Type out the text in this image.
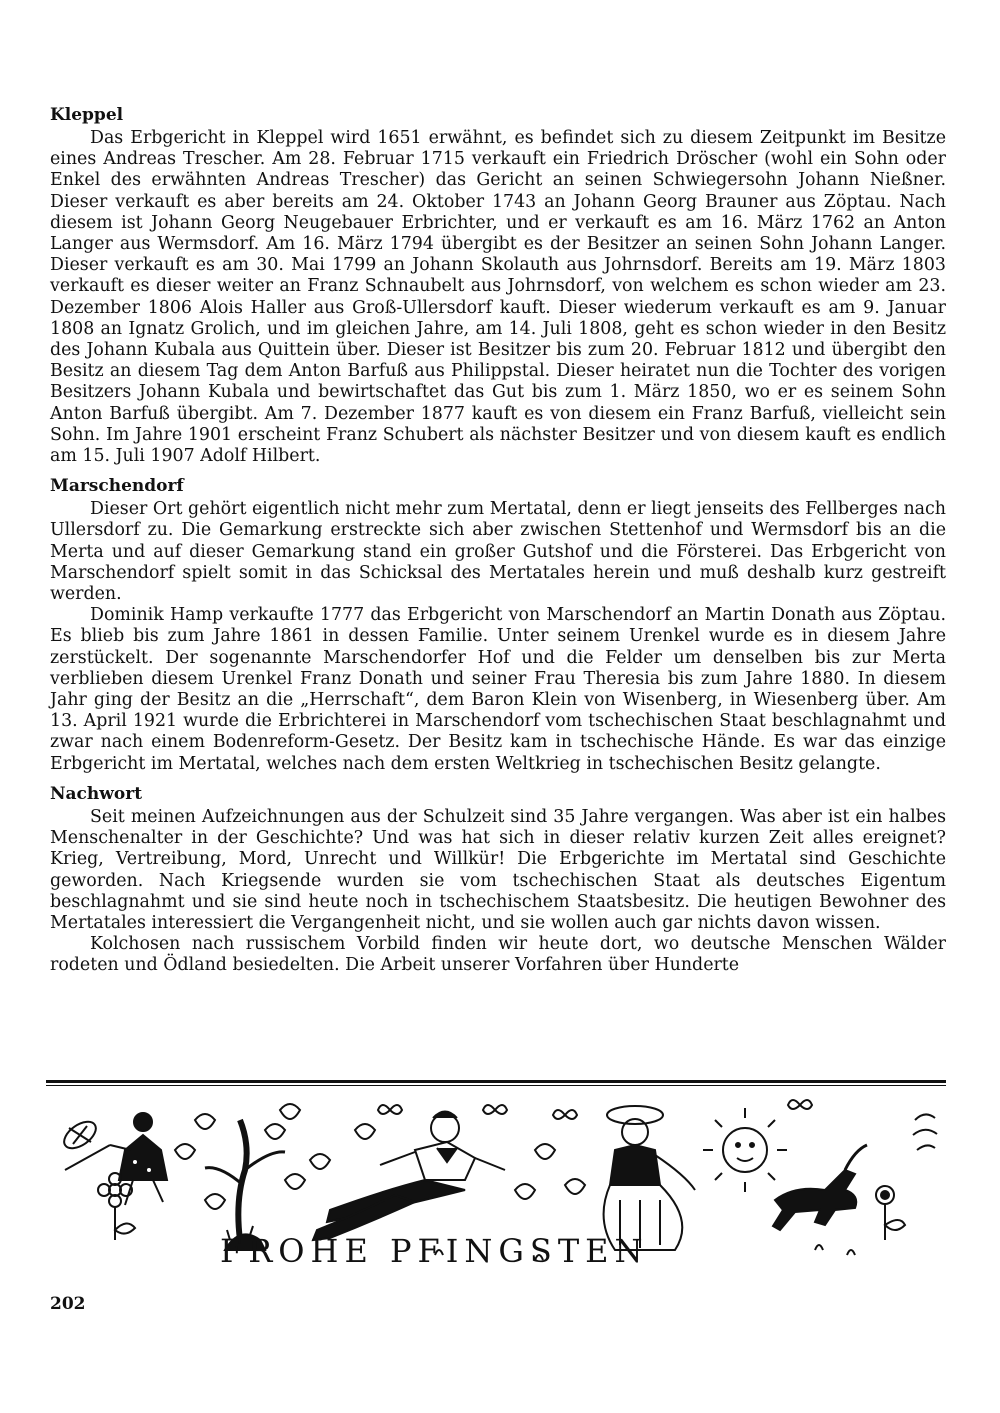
Kleppel

Das Erbgericht in Kleppel wird 1651 erwähnt, es befindet sich zu diesem Zeitpunkt im Besitze eines Andreas Trescher. Am 28. Februar 1715 verkauft ein Friedrich Dröscher (wohl ein Sohn oder Enkel des erwähnten Andreas Trescher) das Gericht an seinen Schwiegersohn Johann Nießner. Dieser verkauft es aber bereits am 24. Oktober 1743 an Johann Georg Brauner aus Zöptau. Nach diesem ist Johann Georg Neugebauer Erbrichter, und er verkauft es am 16. März 1762 an Anton Langer aus Wermsdorf. Am 16. März 1794 übergibt es der Besitzer an seinen Sohn Johann Langer. Dieser verkauft es am 30. Mai 1799 an Johann Skolauth aus Johrnsdorf. Bereits am 19. März 1803 verkauft es dieser weiter an Franz Schnaubelt aus Johrnsdorf, von welchem es schon wieder am 23. Dezember 1806 Alois Haller aus Groß-Ullersdorf kauft. Dieser wiederum verkauft es am 9. Januar 1808 an Ignatz Grolich, und im gleichen Jahre, am 14. Juli 1808, geht es schon wieder in den Besitz des Johann Kubala aus Quittein über. Dieser ist Besitzer bis zum 20. Februar 1812 und übergibt den Besitz an diesem Tag dem Anton Barfuß aus Philippstal. Dieser heiratet nun die Tochter des vorigen Besitzers Johann Kubala und bewirtschaftet das Gut bis zum 1. März 1850, wo er es seinem Sohn Anton Barfuß übergibt. Am 7. Dezember 1877 kauft es von diesem ein Franz Barfuß, vielleicht sein Sohn. Im Jahre 1901 erscheint Franz Schubert als nächster Besitzer und von diesem kauft es endlich am 15. Juli 1907 Adolf Hilbert.

Marschendorf

Dieser Ort gehört eigentlich nicht mehr zum Mertatal, denn er liegt jenseits des Fellberges nach Ullersdorf zu. Die Gemarkung erstreckte sich aber zwischen Stettenhof und Wermsdorf bis an die Merta und auf dieser Gemarkung stand ein großer Gutshof und die Försterei. Das Erbgericht von Marschendorf spielt somit in das Schicksal des Mertatales herein und muß deshalb kurz gestreift werden.

Dominik Hamp verkaufte 1777 das Erbgericht von Marschendorf an Martin Donath aus Zöptau. Es blieb bis zum Jahre 1861 in dessen Familie. Unter seinem Urenkel wurde es in diesem Jahre zerstückelt. Der sogenannte Marschendorfer Hof und die Felder um denselben bis zur Merta verblieben diesem Urenkel Franz Donath und seiner Frau Theresia bis zum Jahre 1880. In diesem Jahr ging der Besitz an die „Herrschaft“, dem Baron Klein von Wisenberg, in Wiesenberg über. Am 13. April 1921 wurde die Erbrichterei in Marschendorf vom tschechischen Staat beschlagnahmt und zwar nach einem Bodenreform-Gesetz. Der Besitz kam in tschechische Hände. Es war das einzige Erbgericht im Mertatal, welches nach dem ersten Weltkrieg in tschechischen Besitz gelangte.

Nachwort

Seit meinen Aufzeichnungen aus der Schulzeit sind 35 Jahre vergangen. Was aber ist ein halbes Menschenalter in der Geschichte? Und was hat sich in dieser relativ kurzen Zeit alles ereignet? Krieg, Vertreibung, Mord, Unrecht und Willkür! Die Erbgerichte im Mertatal sind Geschichte geworden. Nach Kriegsende wurden sie vom tschechischen Staat als deutsches Eigentum beschlagnahmt und sie sind heute noch in tschechischem Staatsbesitz. Die heutigen Bewohner des Mertatales interessiert die Vergangenheit nicht, und sie wollen auch gar nichts davon wissen.

Kolchosen nach russischem Vorbild finden wir heute dort, wo deutsche Menschen Wälder rodeten und Ödland besiedelten. Die Arbeit unserer Vorfahren über Hunderte

FROHE PFINGSTEN
202
